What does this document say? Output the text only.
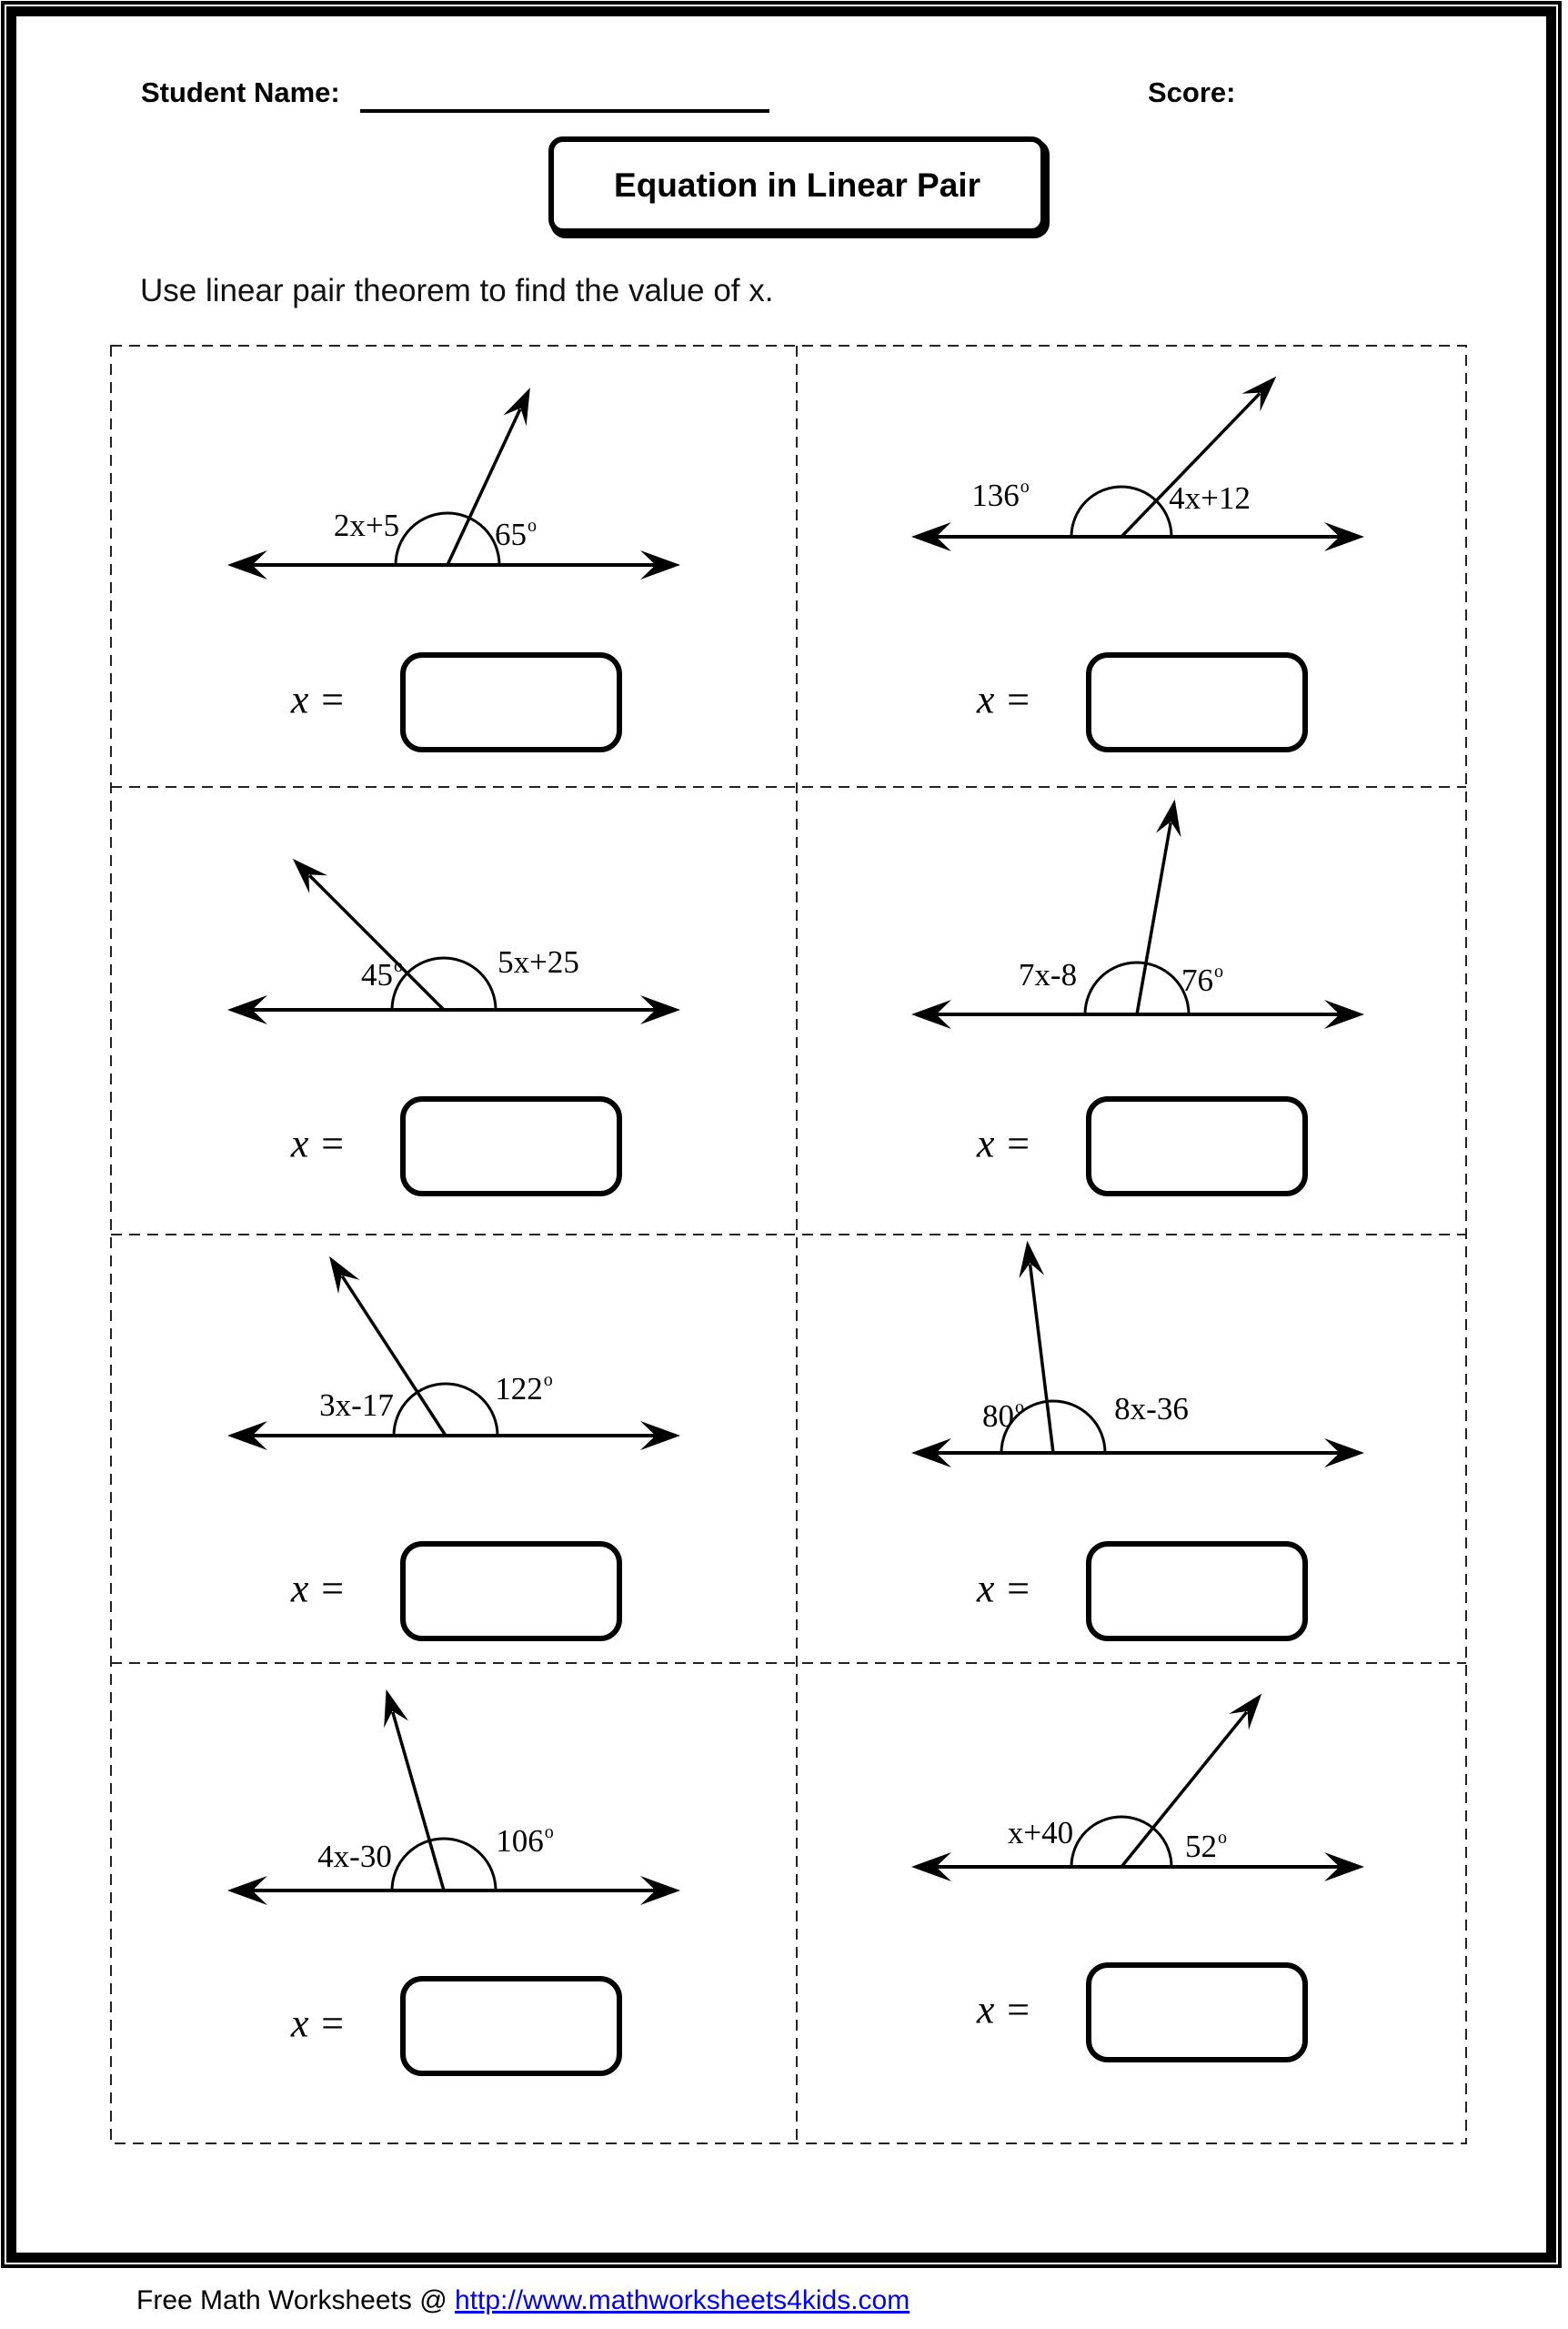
Student Name:	Score:
Equation in Linear Pair
Use linear pair theorem to find the value of x.
2x+5	65$^o$
x =
$136^o$	4x+12
x =
$45^o$	5x+25
x =
7x-8	76$^o$
x =
3x-17	122$^o$
x =
$80^o$	8x-36
x =
4x-30	106$^o$
x =
x+40	52$^o$
x =
Free Math Worksheets @ http://www.mathworksheets4kids.com
